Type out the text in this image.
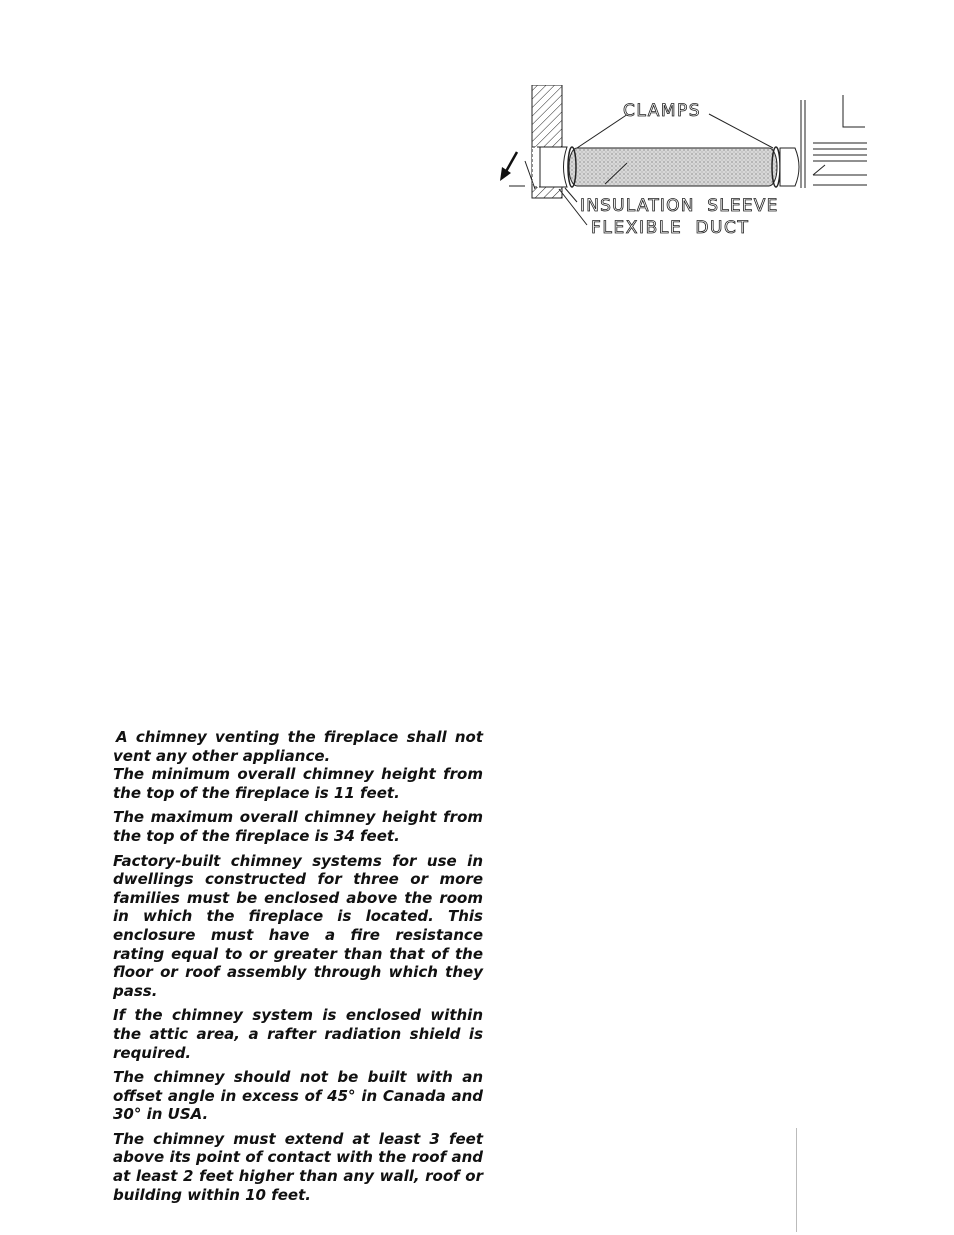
CLAMPS
INSULATION SLEEVE
FLEXIBLE DUCT

A chimney venting the fireplace shall not vent any other appliance.

The minimum overall chimney height from the top of the fireplace is 11 feet.

The maximum overall chimney height from the top of the fireplace is 34 feet.

Factory-built chimney systems for use in dwellings constructed for three or more families must be enclosed above the room in which the fireplace is located. This enclosure must have a fire resistance rating equal to or greater than that of the floor or roof assembly through which they pass.

If the chimney system is enclosed within the attic area, a rafter radiation shield is required.

The chimney should not be built with an offset angle in excess of 45° in Canada and 30° in USA.

The chimney must extend at least 3 feet above its point of contact with the roof and at least 2 feet higher than any wall, roof or building within 10 feet.
